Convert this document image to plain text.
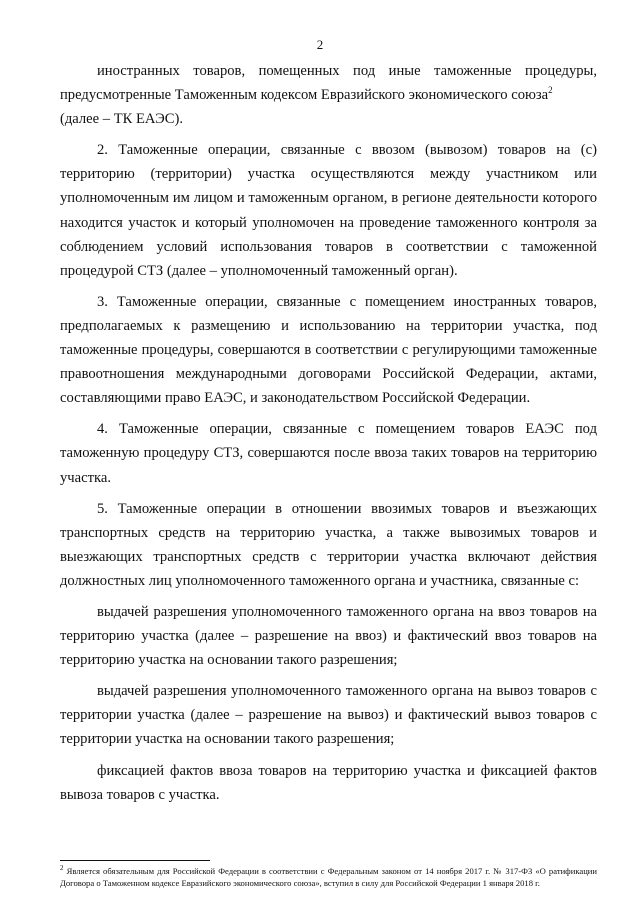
2

иностранных товаров, помещенных под иные таможенные процедуры, предусмотренные Таможенным кодексом Евразийского экономического союза$^2$
(далее – ТК ЕАЭС).

2. Таможенные операции, связанные с ввозом (вывозом) товаров на (с) территорию (территории) участка осуществляются между участником или уполномоченным им лицом и таможенным органом, в регионе деятельности которого находится участок и который уполномочен на проведение таможенного контроля за соблюдением условий использования товаров в соответствии с таможенной процедурой СТЗ (далее – уполномоченный таможенный орган).

3. Таможенные операции, связанные с помещением иностранных товаров, предполагаемых к размещению и использованию на территории участка, под таможенные процедуры, совершаются в соответствии с регулирующими таможенные правоотношения международными договорами Российской Федерации, актами, составляющими право ЕАЭС, и законодательством Российской Федерации.

4. Таможенные операции, связанные с помещением товаров ЕАЭС под таможенную процедуру СТЗ, совершаются после ввоза таких товаров на территорию участка.

5. Таможенные операции в отношении ввозимых товаров и въезжающих транспортных средств на территорию участка, а также вывозимых товаров и выезжающих транспортных средств с территории участка включают действия должностных лиц уполномоченного таможенного органа и участника, связанные с:

выдачей разрешения уполномоченного таможенного органа на ввоз товаров на территорию участка (далее – разрешение на ввоз) и фактический ввоз товаров на территорию участка на основании такого разрешения;

выдачей разрешения уполномоченного таможенного органа на вывоз товаров с территории участка (далее – разрешение на вывоз) и фактический вывоз товаров с территории участка на основании такого разрешения;

фиксацией фактов ввоза товаров на территорию участка и фиксацией фактов вывоза товаров с участка.

$^2$ Является обязательным для Российской Федерации в соответствии с Федеральным законом от 14 ноября 2017 г. № 317-ФЗ «О ратификации Договора о Таможенном кодексе Евразийского экономического союза», вступил в силу для Российской Федерации 1 января 2018 г.
